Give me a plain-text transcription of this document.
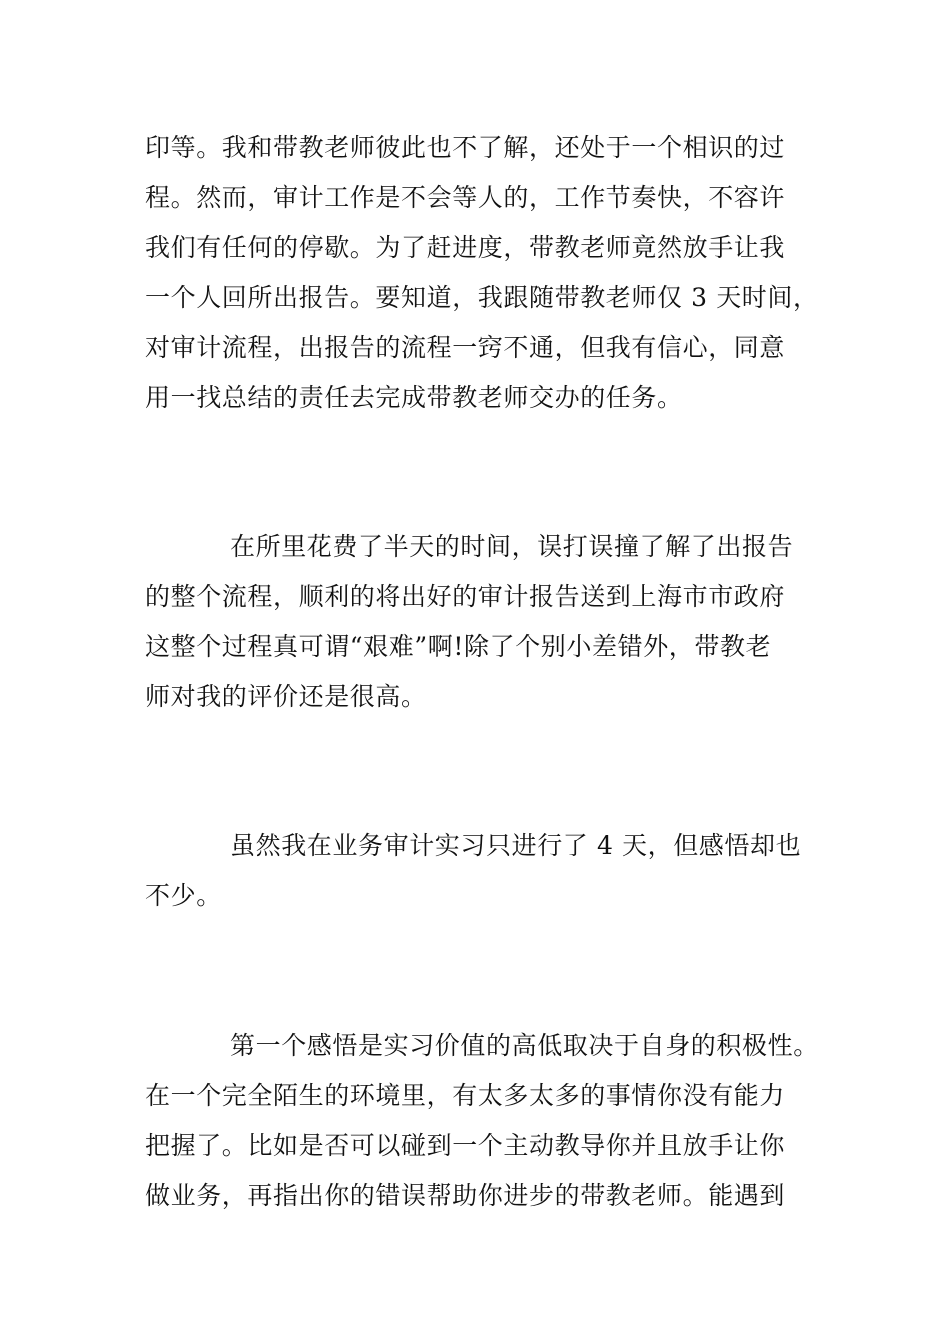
印等。我和带教老师彼此也不了解，还处于一个相识的过
程。然而，审计工作是不会等人的，工作节奏快，不容许
我们有任何的停歇。为了赶进度，带教老师竟然放手让我
一个人回所出报告。要知道，我跟随带教老师仅 3 天时间，
对审计流程，出报告的流程一窍不通，但我有信心，同意
用一找总结的责任去完成带教老师交办的任务。
在所里花费了半天的时间，误打误撞了解了出报告
的整个流程，顺利的将出好的审计报告送到上海市市政府
这整个过程真可谓“艰难”啊!除了个别小差错外，带教老
师对我的评价还是很高。
虽然我在业务审计实习只进行了 4 天，但感悟却也
不少。
第一个感悟是实习价值的高低取决于自身的积极性。
在一个完全陌生的环境里，有太多太多的事情你没有能力
把握了。比如是否可以碰到一个主动教导你并且放手让你
做业务，再指出你的错误帮助你进步的带教老师。能遇到
